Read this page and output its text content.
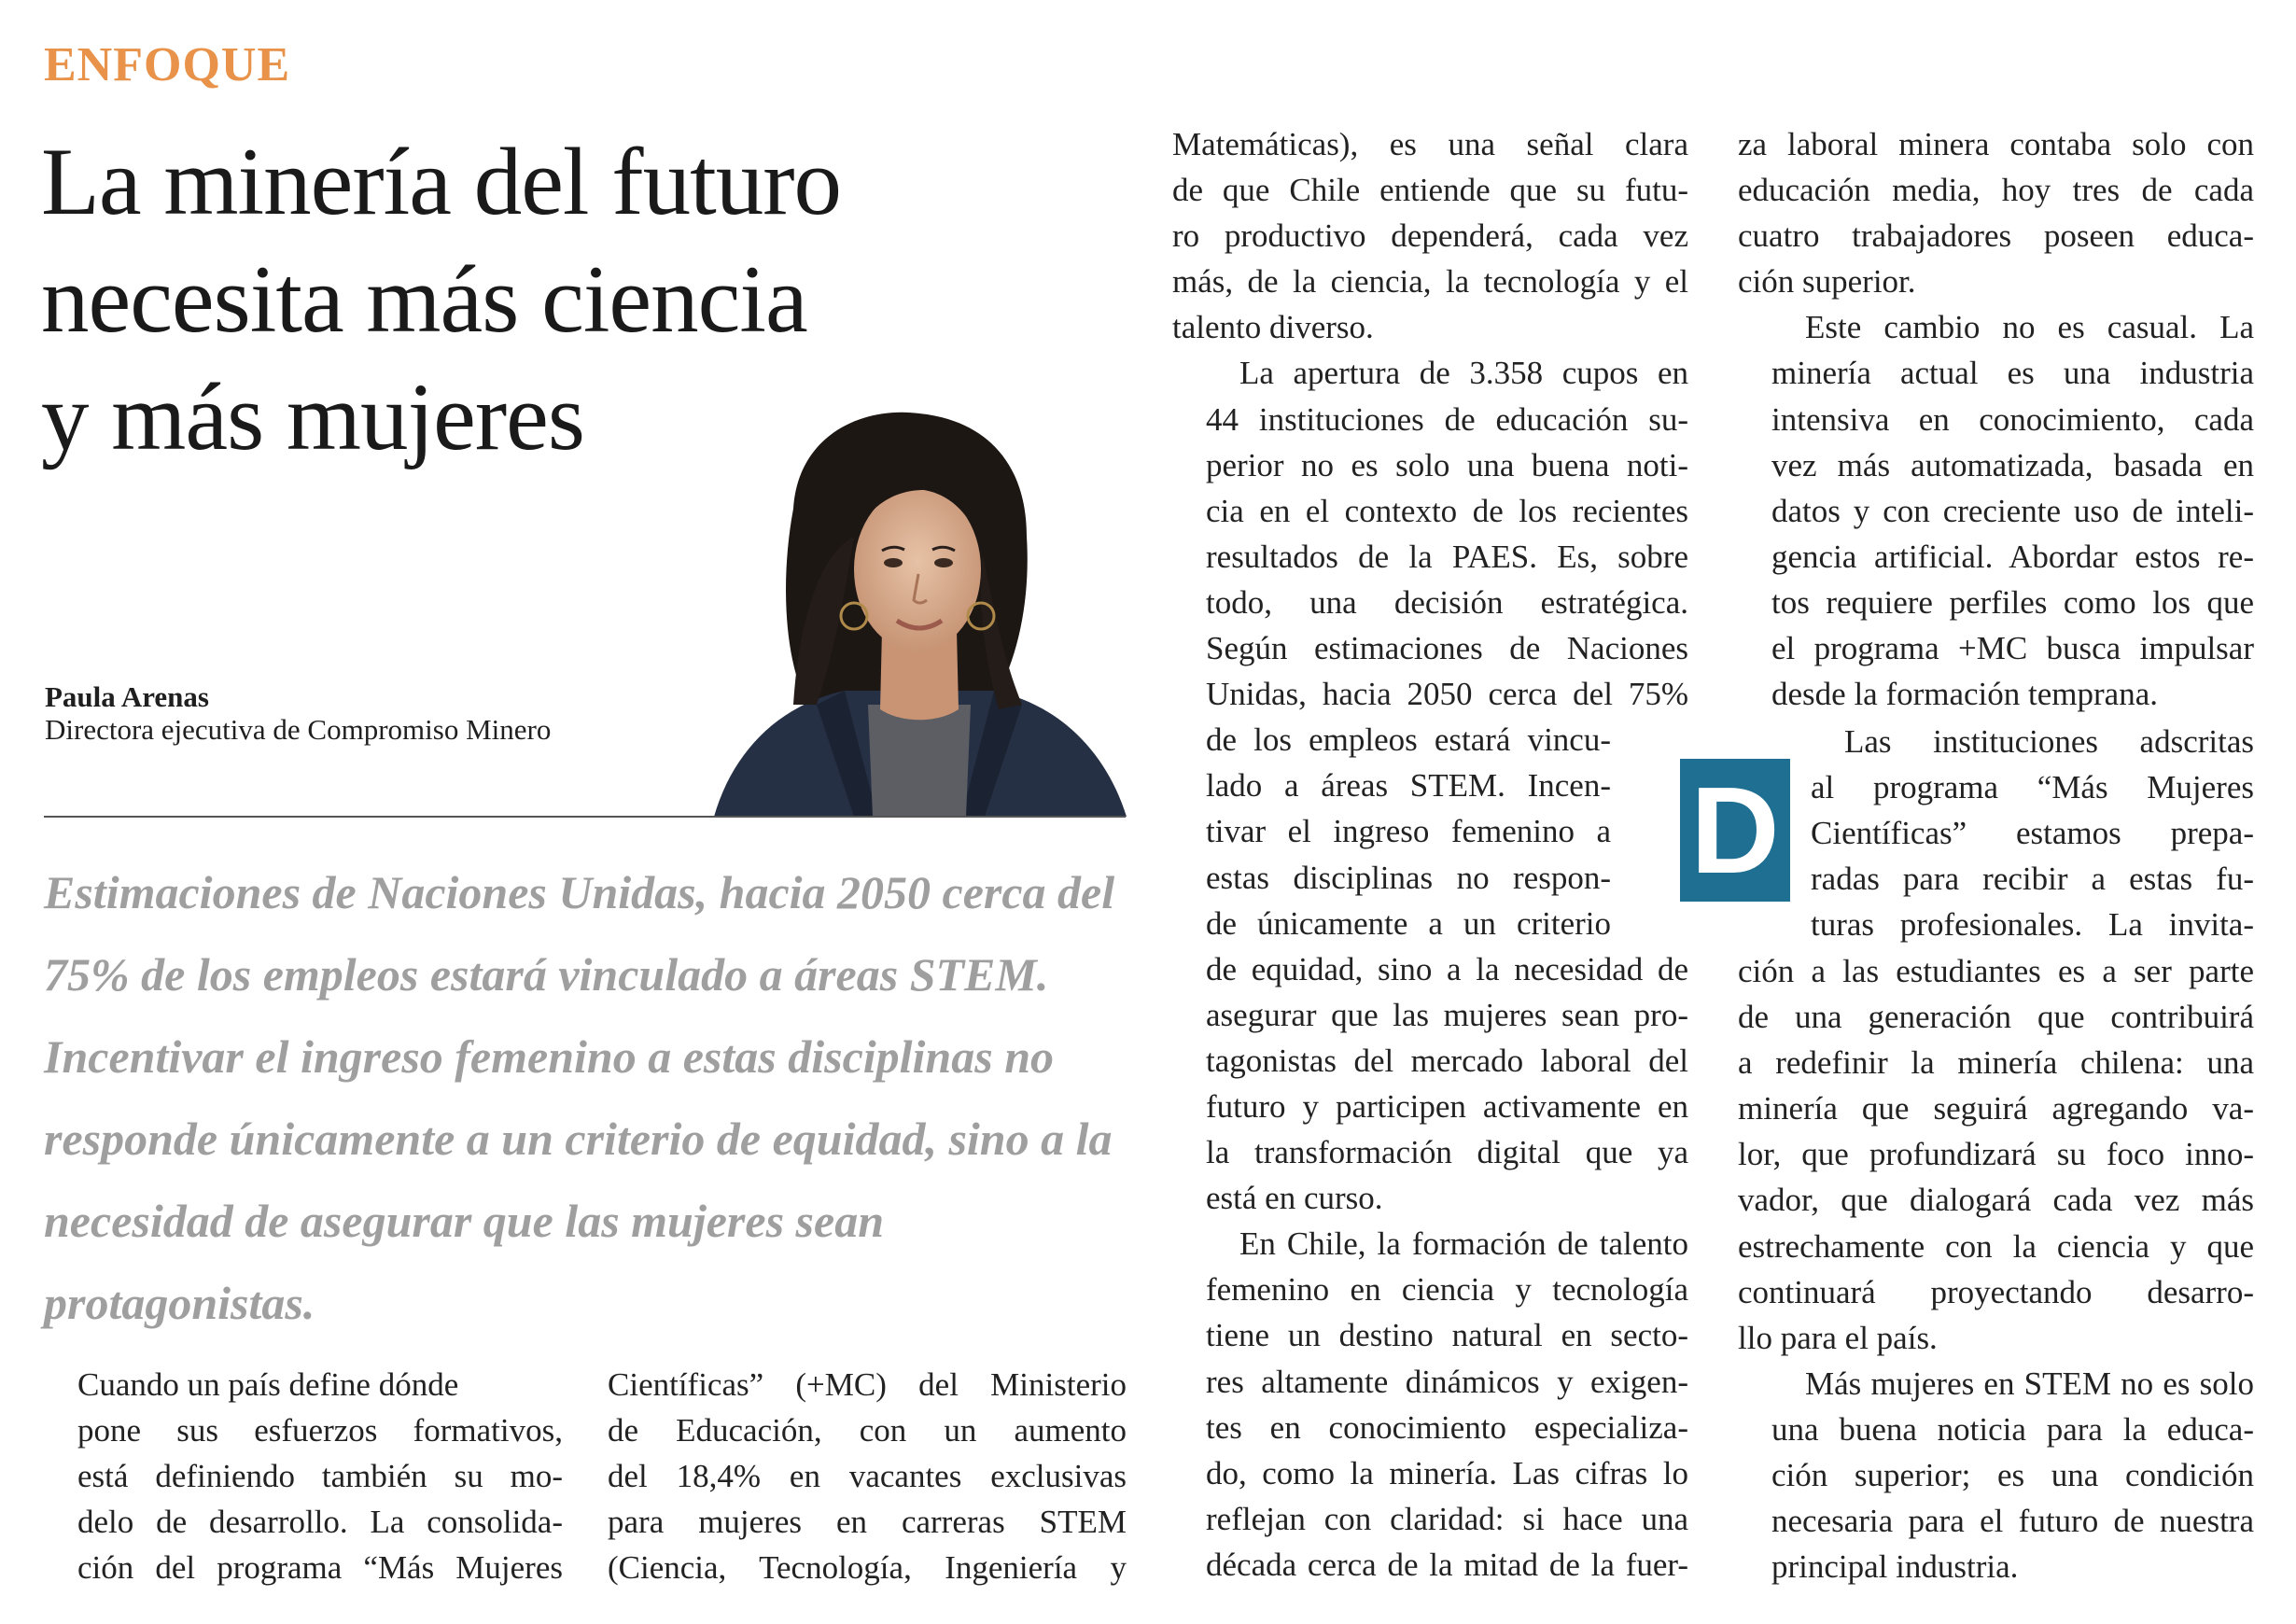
ENFOQUE
La minería del futuro
necesita más ciencia
y más mujeres
Paula Arenas
Directora ejecutiva de Compromiso Minero
Estimaciones de Naciones Unidas, hacia 2050 cerca del 75% de los empleos estará vinculado a áreas STEM. Incentivar el ingreso femenino a estas disciplinas no responde únicamente a un criterio de equidad, sino a la necesidad de asegurar que las mujeres sean protagonistas.

Cuando un país define dónde
pone sus esfuerzos formativos,
está definiendo también su mo-
delo de desarrollo. La consolida-
ción del programa “Más Mujeres

Científicas” (+MC) del Ministerio
de Educación, con un aumento
del 18,4% en vacantes exclusivas
para mujeres en carreras STEM
(Ciencia, Tecnología, Ingeniería y

Matemáticas), es una señal clara
de que Chile entiende que su futu-
ro productivo dependerá, cada vez
más, de la ciencia, la tecnología y el
talento diverso.

La apertura de 3.358 cupos en
44 instituciones de educación su-
perior no es solo una buena noti-
cia en el contexto de los recientes
resultados de la PAES. Es, sobre
todo, una decisión estratégica.
Según estimaciones de Naciones
Unidas, hacia 2050 cerca del 75%
de los empleos estará vincu-
lado a áreas STEM. Incen-
tivar el ingreso femenino a
estas disciplinas no respon-
de únicamente a un criterio
de equidad, sino a la necesidad de
asegurar que las mujeres sean pro-
tagonistas del mercado laboral del
futuro y participen activamente en
la transformación digital que ya
está en curso.

En Chile, la formación de talento
femenino en ciencia y tecnología
tiene un destino natural en secto-
res altamente dinámicos y exigen-
tes en conocimiento especializa-
do, como la minería. Las cifras lo
reflejan con claridad: si hace una
década cerca de la mitad de la fuer-

za laboral minera contaba solo con
educación media, hoy tres de cada
cuatro trabajadores poseen educa-
ción superior.

Este cambio no es casual. La
minería actual es una industria
intensiva en conocimiento, cada
vez más automatizada, basada en
datos y con creciente uso de inteli-
gencia artificial. Abordar estos re-
tos requiere perfiles como los que
el programa +MC busca impulsar
desde la formación temprana.

D

Las instituciones adscritas
al programa “Más Mujeres
Científicas” estamos prepa-
radas para recibir a estas fu-
turas profesionales. La invita-

ción a las estudiantes es a ser parte
de una generación que contribuirá
a redefinir la minería chilena: una
minería que seguirá agregando va-
lor, que profundizará su foco inno-
vador, que dialogará cada vez más
estrechamente con la ciencia y que
continuará proyectando desarro-
llo para el país.

Más mujeres en STEM no es solo
una buena noticia para la educa-
ción superior; es una condición
necesaria para el futuro de nuestra
principal industria.
